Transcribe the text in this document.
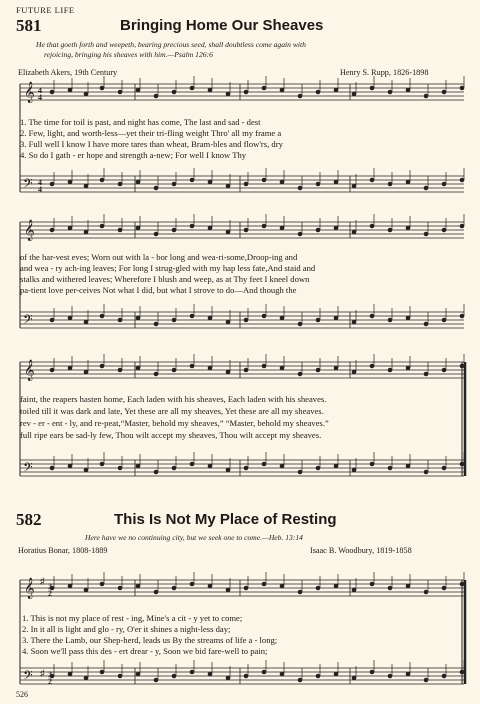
FUTURE LIFE
581	Bringing Home Our Sheaves
He that goeth forth and weepeth, bearing precious seed, shall doubtless come again with
rejoicing, bringing his sheaves with him.—Psalm 126:6
Elizabeth Akers, 19th Century	Henry S. Rupp, 1826-1898
𝄞 4
4
𝄢 4
4
𝄞
𝄢
𝄞
𝄢
𝄞 ♯
3
2
𝄢 ♯ 3
2
1. The time for toil is past, and night has come, The last and sad - dest
2. Few, light, and worth-less—yet their tri-fling weight Thro' all my frame a
3. Full well I know I have more tares than wheat, Bram-bles and flow'rs, dry
4. So do I gath - er hope and strength a-new; For well I know Thy
of the har-vest eves; Worn out with la - bor long and wea-ri-some,Droop-ing and
and wea - ry ach-ing leaves; For long I strug-gled with my hap less fate,And staid and
stalks and withered leaves; Wherefore I blush and weep, as at Thy feet I kneel down
pa-tient love per-ceives Not what I did, but what I strove to do—And though the
faint, the reapers hasten home, Each laden with his sheaves, Each laden with his sheaves.
toiled till it was dark and late, Yet these are all my sheaves, Yet these are all my sheaves.
rev - er - ent - ly, and re-peat,“Master, behold my sheaves,” “Master, behold my sheaves.”
full ripe ears be sad-ly few, Thou wilt accept my sheaves, Thou wilt accept my sheaves.
582	This Is Not My Place of Resting
Here have we no continuing city, but we seek one to come.—Heb. 13:14
Horatius Bonar, 1808-1889	Isaac B. Woodbury, 1819-1858
1. This is not my place of rest - ing, Mine's a cit - y yet to come;
2. In it all is light and glo - ry, O'er it shines a night-less day;
3. There the Lamb, our Shep-herd, leads us By the streams of life a - long;
4. Soon we'll pass this des - ert drear - y, Soon we bid fare-well to pain;
526
